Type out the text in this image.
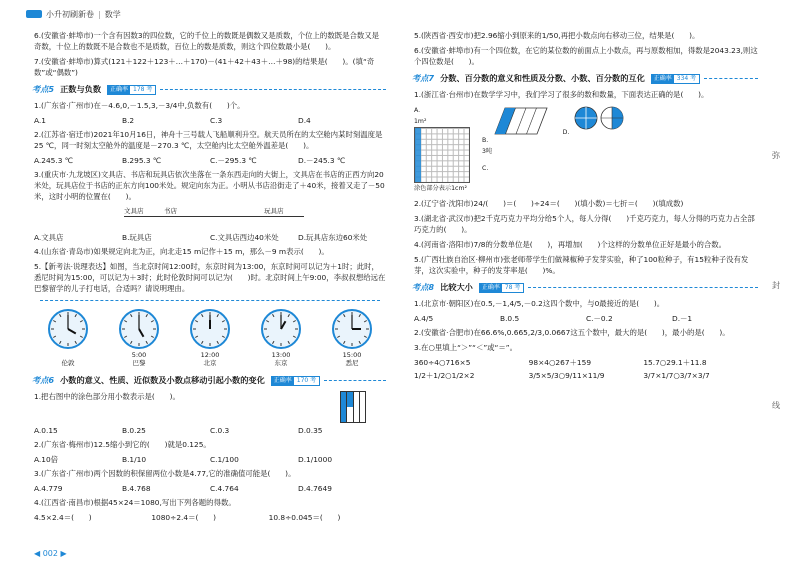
小升初刷新卷 | 数学
6.(安徽省·蚌埠市)一个含有因数3的四位数，它的千位上的数既是偶数又是质数，个位上的数既是合数又是奇数，十位上的数既不是合数也不是质数，百位上的数是质数，则这个四位数最小是(　　)。
7.(安徽省·蚌埠市)算式(121＋122＋123＋…＋170)－(41＋42＋43＋…＋98)的结果是(　　)。(填“奇数”或“偶数”)
考点5 正数与负数	正确率 178 考
1.(广东省·广州市)在－4.6,0,－1.5,3,－3/4中,负数有(　　)个。
A.1	B.2	C.3	D.4
2.(江苏省·宿迁市)2021年10月16日，神舟十三号载人飞船顺利升空。航天员所在的太空舱内某时刻温度是25 ℃，同一时刻太空舱外的温度是－270.3 ℃，太空舱内比太空舱外温差是(　　)。
A.245.3 ℃	B.295.3 ℃	C.－295.3 ℃	D.－245.3 ℃
3.(重庆市·九龙坡区)文具店、书店和玩具店依次坐落在一条东西走向的大街上，文具店在书店的正西方向20米处，玩具店位于书店的正东方向100米处。规定向东为正。小明从书店沿街走了＋40米，接着又走了－50米，这时小明的位置在(　　)。
文具店	书店	玩具店
A.文具店	B.玩具店	C.文具店西边40米处	D.玩具店东边60米处
4.(山东省·青岛市)如果规定向北为正，向北走15 m记作＋15 m，那么－9 m表示(　　)。
5.【新考法·说理表达】如图，当北京时间12:00时，东京时间为13:00，东京时间可以记为＋1时；此时，悉尼时间为15:00，可以记为＋3时；此时伦敦时间可以记为(　　)时。北京时间上午9:00，李叔叔想给远在巴黎留学的儿子打电话，合适吗？请说明理由。

伦敦
5:00
巴黎
12:00
北京
13:00
东京
15:00
悉尼
考点6 小数的意义、性质、近似数及小数点移动引起小数的变化	正确率 170 考
1.把右图中的涂色部分用小数表示是(　　)。
A.0.15	B.0.25	C.0.3	D.0.35
2.(广东省·梅州市)12.5缩小到它的(　　)就是0.125。
A.10倍	B.1/10	C.1/100	D.1/1000
3.(广东省·广州市)两个因数的积保留两位小数是4.77,它的准确值可能是(　　)。
A.4.779	B.4.768	C.4.764	D.4.7649
4.(江西省·南昌市)根据45×24＝1080,写出下列各题的得数。
4.5×2.4＝(　　)	1080÷2.4＝(　　)	10.8÷0.045＝(　　)
5.(陕西省·西安市)把2.96缩小到原来的1/50,再把小数点向右移动三位，结果是(　　)。
6.(安徽省·蚌埠市)有一个四位数，在它的某位数的前面点上小数点，再与原数相加，得数是2043.23,则这个四位数是(　　)。
考点7 分数、百分数的意义和性质及分数、小数、百分数的互化	正确率 334 考
1.(浙江省·台州市)在数学学习中，我们学习了很多的数和数量，下面表达正确的是(　　)。
A.
1m²
涂色部分表示1cm²
B.
3吨
C.
D.
2.(辽宁省·沈阳市)24/(　　)＝(　　)÷24＝(　　)(填小数)＝七折＝(　　)(填成数)
3.(湖北省·武汉市)把2千克巧克力平均分给5个人，每人分得(　　)千克巧克力，每人分得的巧克力占全部巧克力的(　　)。
4.(河南省·洛阳市)7/8的分数单位是(　　)，再增加(　　)个这样的分数单位正好是最小的合数。
5.(广西壮族自治区·柳州市)张老师带学生们做辣椒种子发芽实验，种了100粒种子，有15粒种子没有发芽，这次实验中，种子的发芽率是(　　)%。
考点8 比较大小	正确率 78 考
1.(北京市·朝阳区)在0.5,－1,4/5,－0.2这四个数中，与0最接近的是(　　)。
A.4/5	B.0.5	C.－0.2	D.－1
2.(安徽省·合肥市)在66.6%,0.665,2/3,0.0667这五个数中，最大的是(　　)，最小的是(　　)。
3.在○里填上“＞”“＜”或“＝”。
360÷4○716×5	98×4○267＋159	15.7○29.1＋11.8
1/2＋1/2○1/2×2	3/5×5/3○9/11×11/9	3/7×1/7○3/7×3/7
弥
封
线
◀ 002 ▶
